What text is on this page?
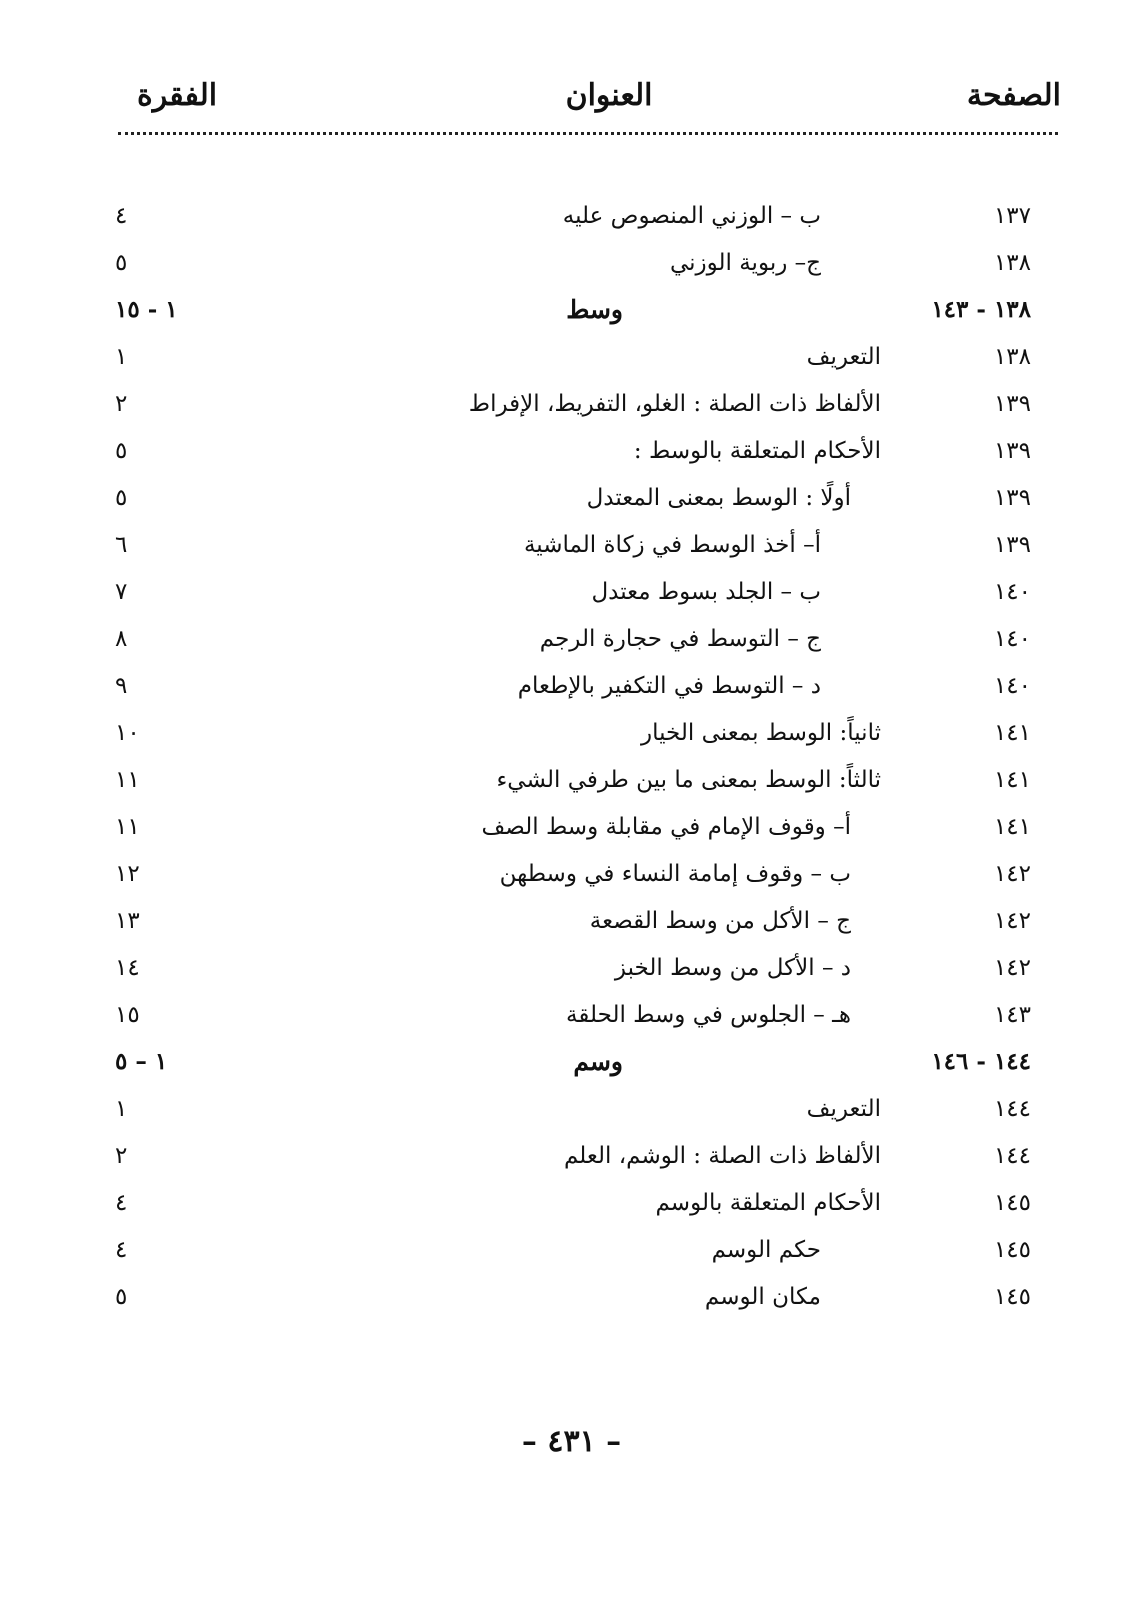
الصفحة
العنوان
الفقرة
١٣٧
ب – الوزني المنصوص عليه
٤
١٣٨
ج– ربوية الوزني
٥
١٣٨ - ١٤٣
وسط
١ - ١٥
١٣٨
التعريف
١
١٣٩
الألفاظ ذات الصلة : الغلو، التفريط، الإفراط
٢
١٣٩
الأحكام المتعلقة بالوسط :
٥
١٣٩
أولًا : الوسط بمعنى المعتدل
٥
١٣٩
أ– أخذ الوسط في زكاة الماشية
٦
١٤٠
ب – الجلد بسوط معتدل
٧
١٤٠
ج – التوسط في حجارة الرجم
٨
١٤٠
د – التوسط في التكفير بالإطعام
٩
١٤١
ثانياً: الوسط بمعنى الخيار
١٠
١٤١
ثالثاً: الوسط بمعنى ما بين طرفي الشيء
١١
١٤١
أ– وقوف الإمام في مقابلة وسط الصف
١١
١٤٢
ب – وقوف إمامة النساء في وسطهن
١٢
١٤٢
ج – الأكل من وسط القصعة
١٣
١٤٢
د – الأكل من وسط الخبز
١٤
١٤٣
هـ – الجلوس في وسط الحلقة
١٥
١٤٤ - ١٤٦
وسم
١ – ٥
١٤٤
التعريف
١
١٤٤
الألفاظ ذات الصلة : الوشم، العلم
٢
١٤٥
الأحكام المتعلقة بالوسم
٤
١٤٥
حكم الوسم
٤
١٤٥
مكان الوسم
٥
– ٤٣١ –
